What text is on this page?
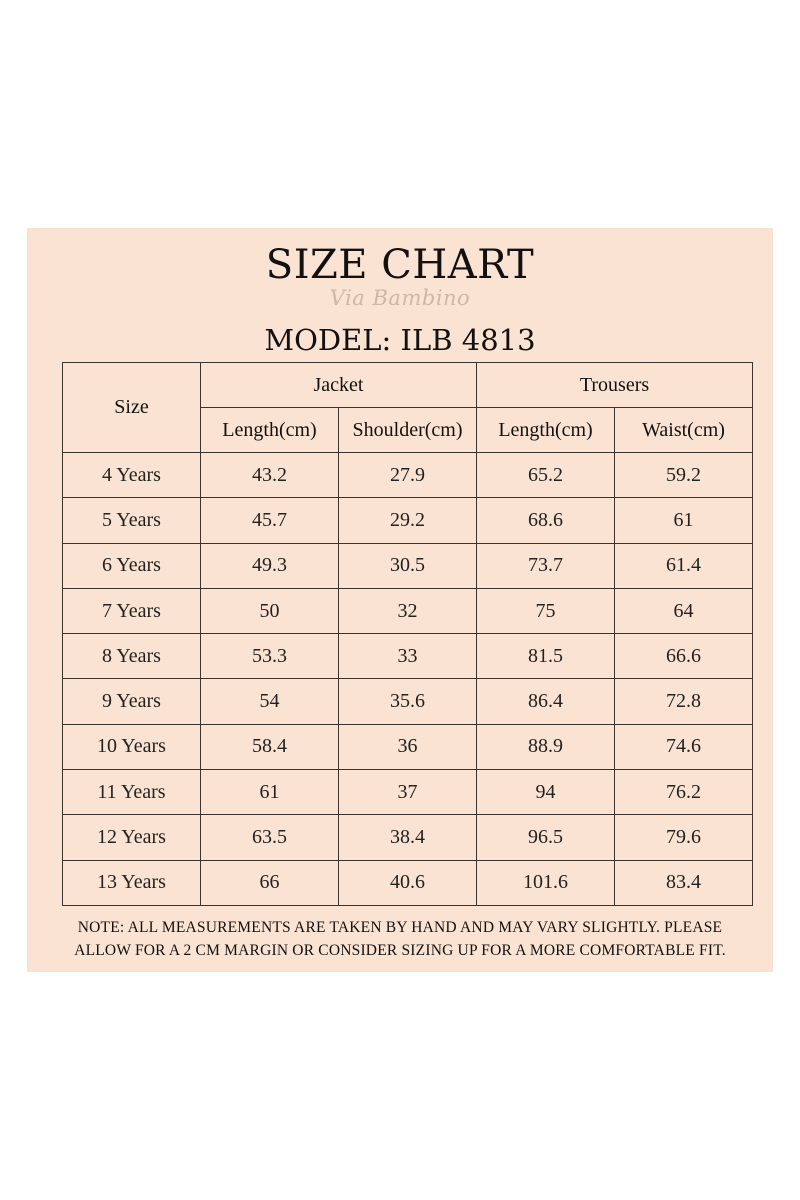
SIZE CHART
Via Bambino
MODEL: ILB 4813
Size	Jacket		Trousers	
	Length(cm)	Shoulder(cm)	Length(cm)	Waist(cm)
4 Years	43.2	27.9	65.2	59.2
5 Years	45.7	29.2	68.6	61
6 Years	49.3	30.5	73.7	61.4
7 Years	50	32	75	64
8 Years	53.3	33	81.5	66.6
9 Years	54	35.6	86.4	72.8
10 Years	58.4	36	88.9	74.6
11 Years	61	37	94	76.2
12 Years	63.5	38.4	96.5	79.6
13 Years	66	40.6	101.6	83.4
NOTE: ALL MEASUREMENTS ARE TAKEN BY HAND AND MAY VARY SLIGHTLY. PLEASE
ALLOW FOR A 2 CM MARGIN OR CONSIDER SIZING UP FOR A MORE COMFORTABLE FIT.
